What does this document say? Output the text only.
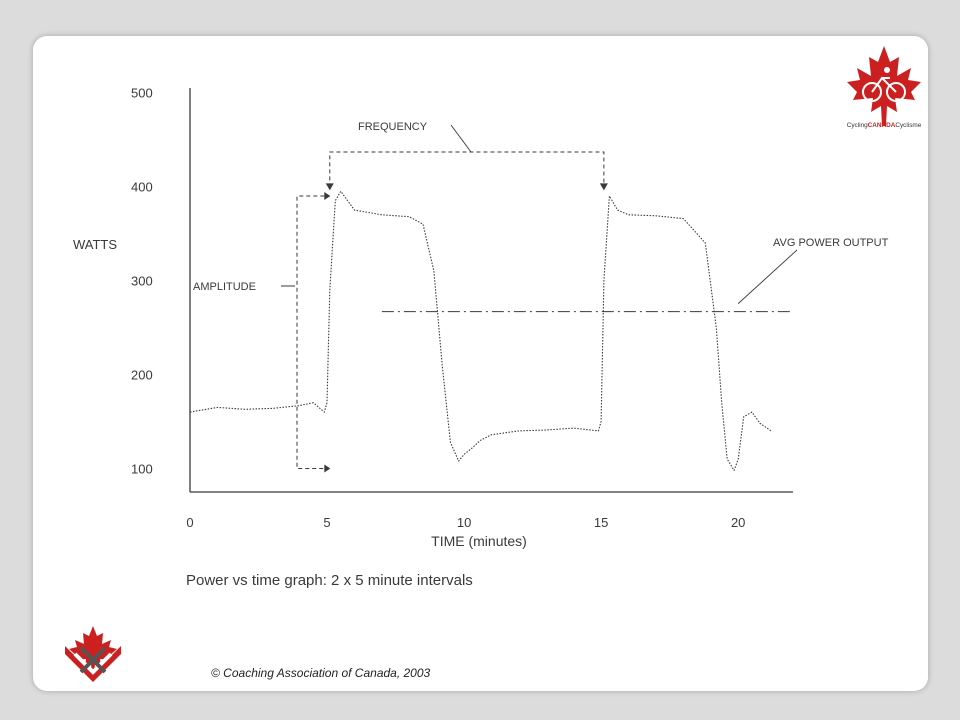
100
200
300
400
500
0	5	10	15	20
WATTS
TIME (minutes)
Power vs time graph: 2 x 5 minute intervals
FREQUENCY
AMPLITUDE
AVG POWER OUTPUT
CyclingCANADACyclisme
© Coaching Association of Canada, 2003
